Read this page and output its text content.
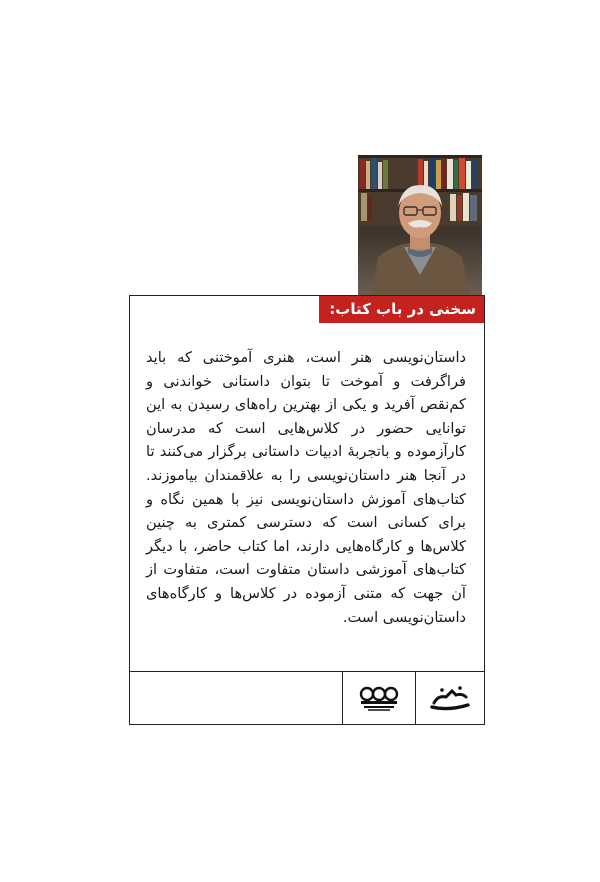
سخنی در باب کتاب:
داستان‌نویسی هنر است، هنری آموختنی که باید فراگرفت و آموخت تا بتوان داستانی خواندنی و کم‌نقص آفرید و یکی از بهترین راه‌های رسیدن به این توانایی حضور در کلاس‌هایی است که مدرسان کارآزموده و باتجربهٔ ادبیات داستانی برگزار می‌کنند تا در آنجا هنر داستان‌نویسی را به علاقمندان بیاموزند. کتاب‌های آموزش داستان‌نویسی نیز با همین نگاه و برای کسانی است که دسترسی کمتری به چنین کلاس‌ها و کارگاه‌هایی دارند، اما کتاب حاضر، با دیگر کتاب‌های آموزشی داستان متفاوت است، متفاوت از آن جهت که متنی آزموده در کلاس‌ها و کارگاه‌های داستان‌نویسی است.
